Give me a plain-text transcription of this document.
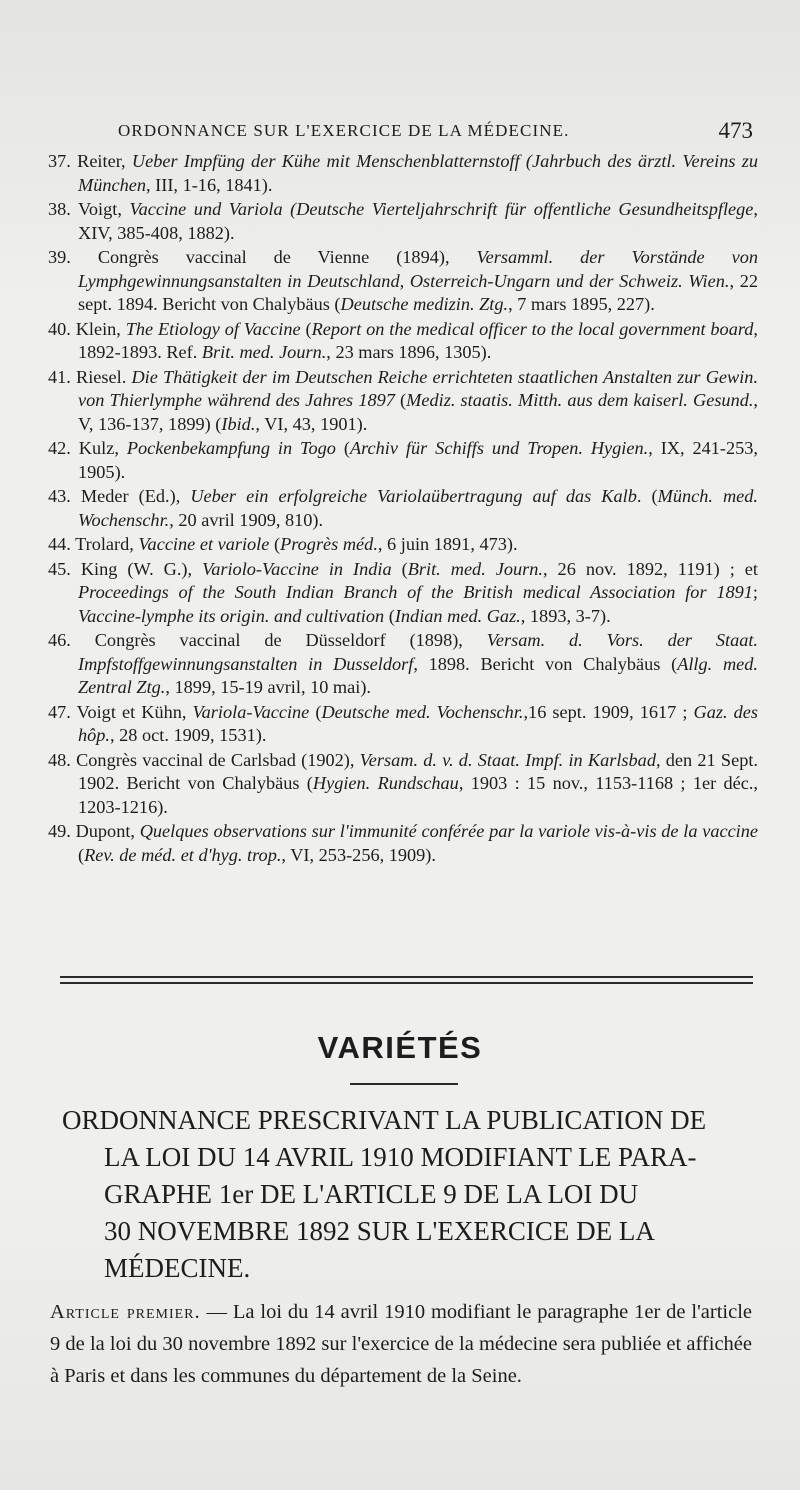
ORDONNANCE SUR L'EXERCICE DE LA MÉDECINE.	473

37. Reiter, Ueber Impfüng der Kühe mit Menschenblatternstoff (Jahrbuch des ärztl. Vereins zu München, III, 1-16, 1841).

38. Voigt, Vaccine und Variola (Deutsche Vierteljahrschrift für offentliche Gesundheitspflege, XIV, 385-408, 1882).

39. Congrès vaccinal de Vienne (1894), Versamml. der Vorstände von Lymphgewinnungsanstalten in Deutschland, Osterreich-Ungarn und der Schweiz. Wien., 22 sept. 1894. Bericht von Chalybäus (Deutsche medizin. Ztg., 7 mars 1895, 227).

40. Klein, The Etiology of Vaccine (Report on the medical officer to the local government board, 1892-1893. Ref. Brit. med. Journ., 23 mars 1896, 1305).

41. Riesel. Die Thätigkeit der im Deutschen Reiche errichteten staatlichen Anstalten zur Gewin. von Thierlymphe während des Jahres 1897 (Mediz. staatis. Mitth. aus dem kaiserl. Gesund., V, 136-137, 1899) (Ibid., VI, 43, 1901).

42. Kulz, Pockenbekampfung in Togo (Archiv für Schiffs und Tropen. Hygien., IX, 241-253, 1905).

43. Meder (Ed.), Ueber ein erfolgreiche Variolaübertragung auf das Kalb. (Münch. med. Wochenschr., 20 avril 1909, 810).

44. Trolard, Vaccine et variole (Progrès méd., 6 juin 1891, 473).

45. King (W. G.), Variolo-Vaccine in India (Brit. med. Journ., 26 nov. 1892, 1191) ; et Proceedings of the South Indian Branch of the British medical Association for 1891; Vaccine-lymphe its origin. and cultivation (Indian med. Gaz., 1893, 3-7).

46. Congrès vaccinal de Düsseldorf (1898), Versam. d. Vors. der Staat. Impfstoffgewinnungsanstalten in Dusseldorf, 1898. Bericht von Chalybäus (Allg. med. Zentral Ztg., 1899, 15-19 avril, 10 mai).

47. Voigt et Kühn, Variola-Vaccine (Deutsche med. Vochenschr.,16 sept. 1909, 1617 ; Gaz. des hôp., 28 oct. 1909, 1531).

48. Congrès vaccinal de Carlsbad (1902), Versam. d. v. d. Staat. Impf. in Karlsbad, den 21 Sept. 1902. Bericht von Chalybäus (Hygien. Rundschau, 1903 : 15 nov., 1153-1168 ; 1er déc., 1203-1216).

49. Dupont, Quelques observations sur l'immunité conférée par la variole vis-à-vis de la vaccine (Rev. de méd. et d'hyg. trop., VI, 253-256, 1909).

VARIÉTÉS
ORDONNANCE PRESCRIVANT LA PUBLICATION DE
LA LOI DU 14 AVRIL 1910 MODIFIANT LE PARA-
GRAPHE 1er DE L'ARTICLE 9 DE LA LOI DU
30 NOVEMBRE 1892 SUR L'EXERCICE DE LA
MÉDECINE.
Article premier. — La loi du 14 avril 1910 modifiant le paragraphe 1er de l'article 9 de la loi du 30 novembre 1892 sur l'exercice de la médecine sera publiée et affichée à Paris et dans les communes du département de la Seine.
